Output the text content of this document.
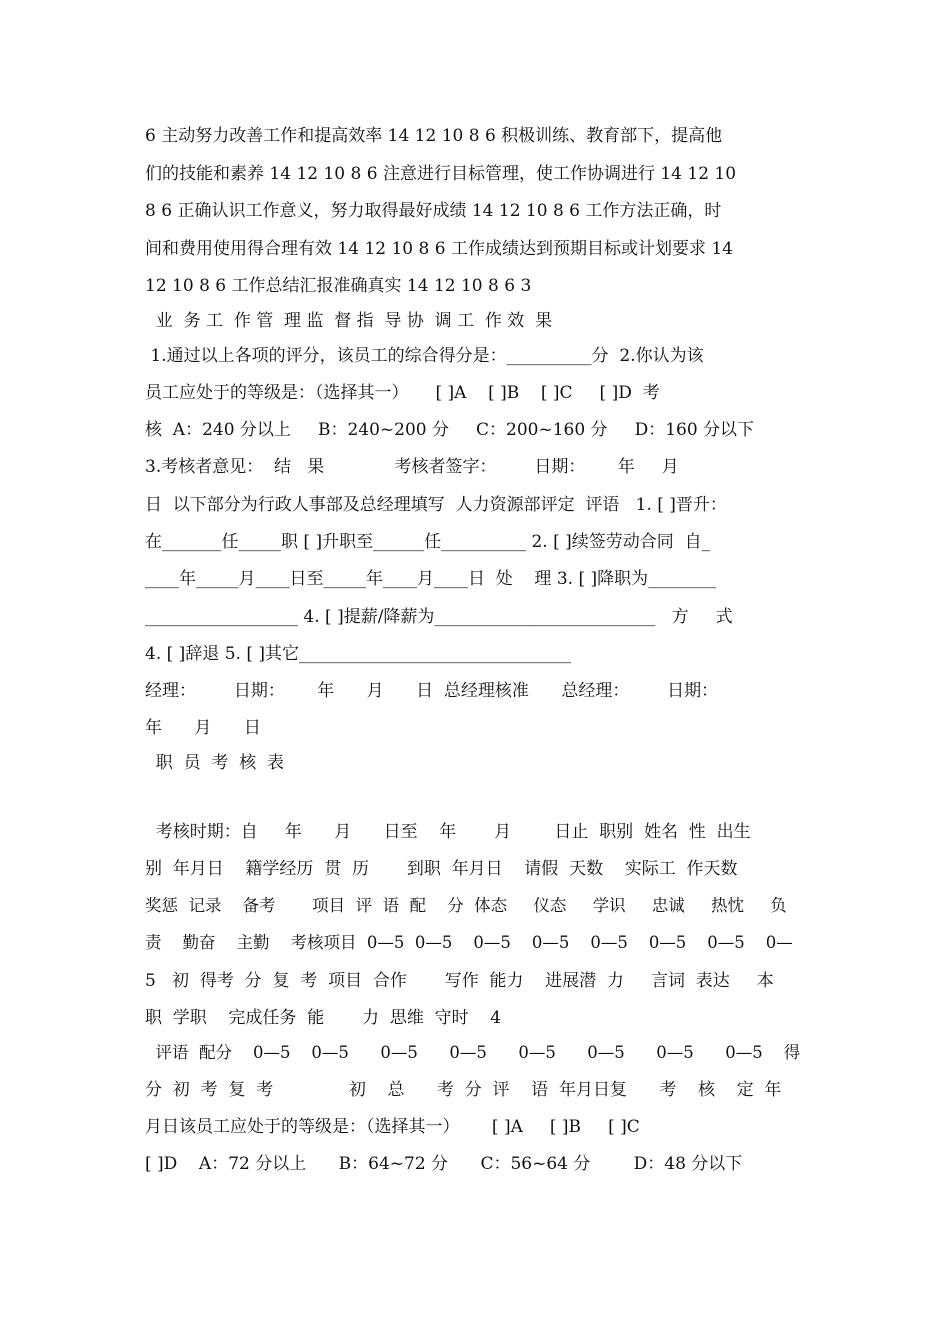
6 主动努力改善工作和提高效率 14 12 10 8 6 积极训练、教育部下，提高他
们的技能和素养 14 12 10 8 6 注意进行目标管理，使工作协调进行 14 12 10
8 6 正确认识工作意义，努力取得最好成绩 14 12 10 8 6 工作方法正确，时
间和费用使用得合理有效 14 12 10 8 6 工作成绩达到预期目标或计划要求 14
12 10 8 6 工作总结汇报准确真实 14 12 10 8 6 3
业  务 工  作 管  理 监  督 指  导 协  调 工  作 效  果
1.通过以上各项的评分，该员工的综合得分是：__________分  2.你认为该
员工应处于的等级是：（选择其一）     [ ]A    [ ]B    [ ]C     [ ]D  考
核  A：240 分以上     B：240~200 分     C：200~160 分     D：160 分以下
3.考核者意见：  结   果             考核者签字：       日期：      年     月
日  以下部分为行政人事部及总经理填写  人力资源部评定  评语   1. [ ]晋升：
在_______任_____职 [ ]升职至______任__________ 2. [ ]续签劳动合同  自_
____年_____月____日至_____年____月____日  处    理 3. [ ]降职为________
__________________ 4. [ ]提薪/降薪为__________________________   方     式
4. [ ]辞退 5. [ ]其它________________________________
经理：       日期：      年      月      日  总经理核准      总经理：       日期：
年      月      日
职  员  考  核  表
考核时期：自     年      月      日至    年       月        日止  职别  姓名  性  出生
别  年月日    籍学经历  贯  历       到职  年月日    请假  天数    实际工  作天数
奖惩  记录    备考       项目  评  语  配    分  体态     仪态     学识     忠诚     热忱     负
责    勤奋    主勤    考核项目  0—5  0—5    0—5    0—5    0—5    0—5    0—5    0—
5   初  得考  分  复  考  项目  合作       写作  能力    进展潜  力     言词  表达     本
职  学职    完成任务  能       力  思维  守时    4
评语  配分    0—5    0—5      0—5      0—5      0—5      0—5      0—5      0—5    得
分  初  考  复  考              初    总      考  分  评    语  年月日复      考    核    定  年
月日该员工应处于的等级是：（选择其一）      [ ]A     [ ]B     [ ]C
[ ]D    A：72 分以上      B：64~72 分      C：56~64 分        D：48 分以下
